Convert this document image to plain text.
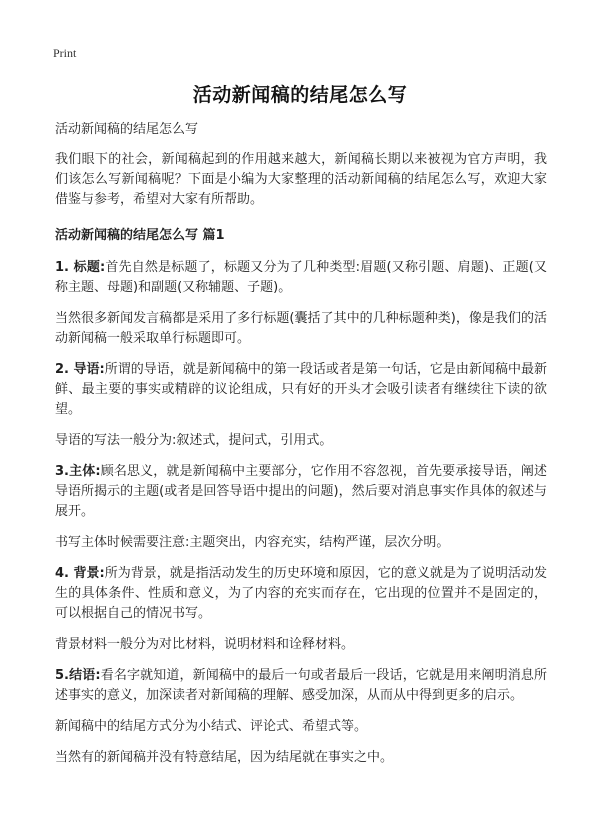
Print
活动新闻稿的结尾怎么写
活动新闻稿的结尾怎么写

我们眼下的社会，新闻稿起到的作用越来越大，新闻稿长期以来被视为官方声明，我们该怎么写新闻稿呢？下面是小编为大家整理的活动新闻稿的结尾怎么写，欢迎大家借鉴与参考，希望对大家有所帮助。

活动新闻稿的结尾怎么写 篇1

1. 标题:首先自然是标题了，标题又分为了几种类型:眉题(又称引题、肩题)、正题(又称主题、母题)和副题(又称辅题、子题)。

当然很多新闻发言稿都是采用了多行标题(囊括了其中的几种标题种类)，像是我们的活动新闻稿一般采取单行标题即可。

2. 导语:所谓的导语，就是新闻稿中的第一段话或者是第一句话，它是由新闻稿中最新鲜、最主要的事实或精辟的议论组成，只有好的开头才会吸引读者有继续往下读的欲望。

导语的写法一般分为:叙述式，提问式，引用式。

3.主体:顾名思义，就是新闻稿中主要部分，它作用不容忽视，首先要承接导语，阐述导语所揭示的主题(或者是回答导语中提出的问题)，然后要对消息事实作具体的叙述与展开。

书写主体时候需要注意:主题突出，内容充实，结构严谨，层次分明。

4. 背景:所为背景，就是指活动发生的历史环境和原因，它的意义就是为了说明活动发生的具体条件、性质和意义，为了内容的充实而存在，它出现的位置并不是固定的，可以根据自己的情况书写。

背景材料一般分为对比材料，说明材料和诠释材料。

5.结语:看名字就知道，新闻稿中的最后一句或者最后一段话，它就是用来阐明消息所述事实的意义，加深读者对新闻稿的理解、感受加深，从而从中得到更多的启示。

新闻稿中的结尾方式分为小结式、评论式、希望式等。

当然有的新闻稿并没有特意结尾，因为结尾就在事实之中。
